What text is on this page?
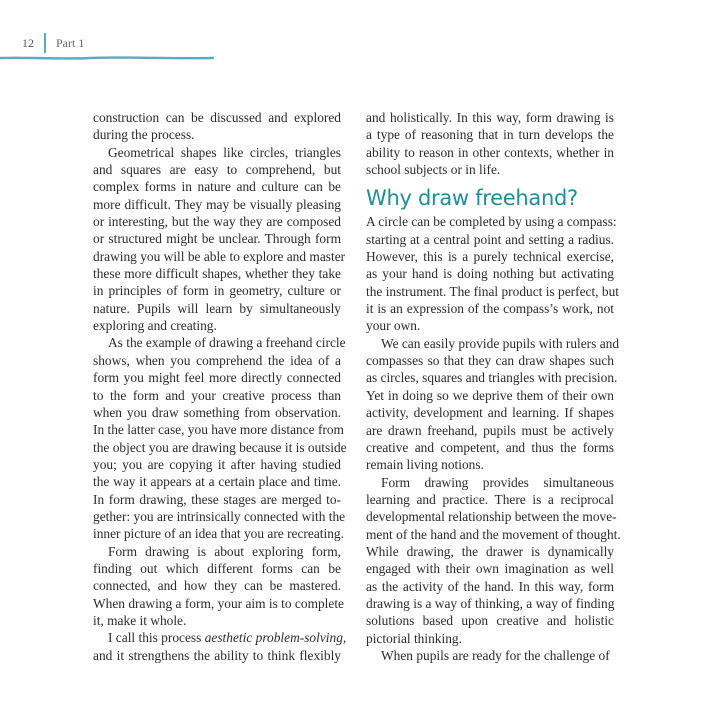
12 Part 1
construction can be discussed and explored
during the process.
Geometrical shapes like circles, triangles
and squares are easy to comprehend, but
complex forms in nature and culture can be
more difficult. They may be visually pleasing
or interesting, but the way they are composed
or structured might be unclear. Through form
drawing you will be able to explore and master
these more difficult shapes, whether they take
in principles of form in geometry, culture or
nature. Pupils will learn by simultaneously
exploring and creating.
As the example of drawing a freehand circle
shows, when you comprehend the idea of a
form you might feel more directly connected
to the form and your creative process than
when you draw something from observation.
In the latter case, you have more distance from
the object you are drawing because it is outside
you; you are copying it after having studied
the way it appears at a certain place and time.
In form drawing, these stages are merged to-
gether: you are intrinsically connected with the
inner picture of an idea that you are recreating.
Form drawing is about exploring form,
finding out which different forms can be
connected, and how they can be mastered.
When drawing a form, your aim is to complete
it, make it whole.
I call this process aesthetic problem-solving,
and it strengthens the ability to think flexibly
and holistically. In this way, form drawing is
a type of reasoning that in turn develops the
ability to reason in other contexts, whether in
school subjects or in life.
Why draw freehand?
A circle can be completed by using a compass:
starting at a central point and setting a radius.
However, this is a purely technical exercise,
as your hand is doing nothing but activating
the instrument. The final product is perfect, but
it is an expression of the compass’s work, not
your own.
We can easily provide pupils with rulers and
compasses so that they can draw shapes such
as circles, squares and triangles with precision.
Yet in doing so we deprive them of their own
activity, development and learning. If shapes
are drawn freehand, pupils must be actively
creative and competent, and thus the forms
remain living notions.
Form drawing provides simultaneous
learning and practice. There is a reciprocal
developmental relationship between the move-
ment of the hand and the movement of thought.
While drawing, the drawer is dynamically
engaged with their own imagination as well
as the activity of the hand. In this way, form
drawing is a way of thinking, a way of finding
solutions based upon creative and holistic
pictorial thinking.
When pupils are ready for the challenge of
